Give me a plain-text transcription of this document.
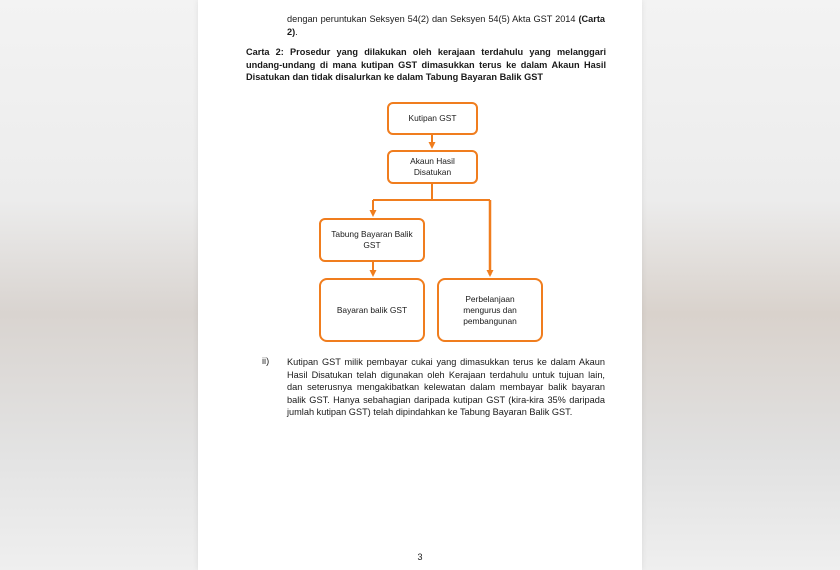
dengan peruntukan Seksyen 54(2) dan Seksyen 54(5) Akta GST 2014 (Carta 2).
Carta 2: Prosedur yang dilakukan oleh kerajaan terdahulu yang melanggari undang-undang di mana kutipan GST dimasukkan terus ke dalam Akaun Hasil Disatukan dan tidak disalurkan ke dalam Tabung Bayaran Balik GST
Kutipan GST
Akaun Hasil
Disatukan
Tabung Bayaran Balik
GST
Bayaran balik GST
Perbelanjaan
mengurus dan
pembangunan
ii) Kutipan GST milik pembayar cukai yang dimasukkan terus ke dalam Akaun Hasil Disatukan telah digunakan oleh Kerajaan terdahulu untuk tujuan lain, dan seterusnya mengakibatkan kelewatan dalam membayar balik bayaran balik GST. Hanya sebahagian daripada kutipan GST (kira-kira 35% daripada jumlah kutipan GST) telah dipindahkan ke Tabung Bayaran Balik GST.
3
